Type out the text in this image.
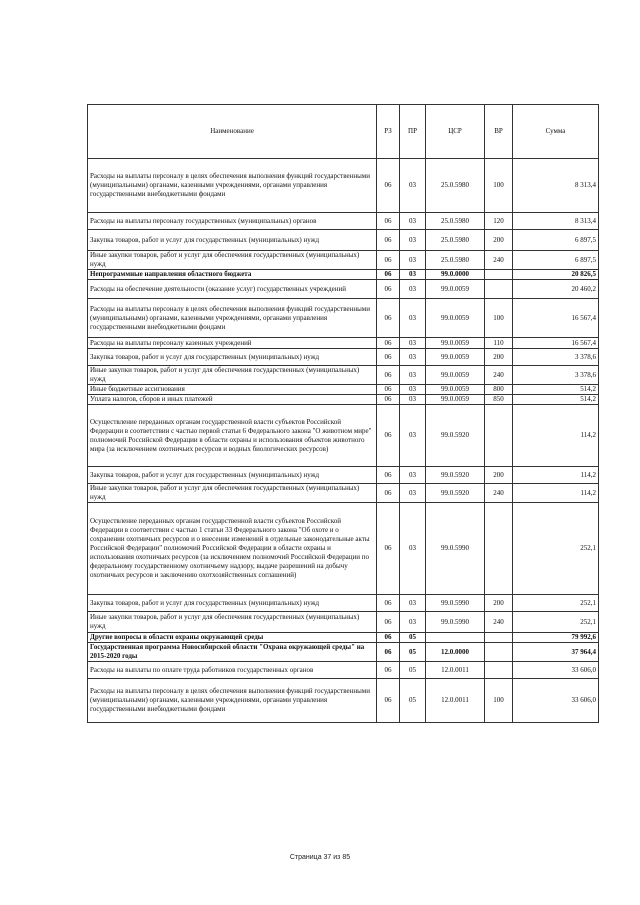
Наименование	РЗ	ПР	ЦСР	ВР	Сумма
Расходы на выплаты персоналу в целях обеспечения выполнения функций государственными (муниципальными) органами, казенными учреждениями, органами управления государственными внебюджетными фондами	06	03	25.0.5980	100	8 313,4
Расходы на выплаты персоналу государственных (муниципальных) органов	06	03	25.0.5980	120	8 313,4
Закупка товаров, работ и услуг для государственных (муниципальных) нужд	06	03	25.0.5980	200	6 897,5
Иные закупки товаров, работ и услуг для обеспечения государственных (муниципальных) нужд	06	03	25.0.5980	240	6 897,5
Непрограммные направления областного бюджета	06	03	99.0.0000		20 826,5
Расходы на обеспечение деятельности (оказание услуг) государственных учреждений	06	03	99.0.0059		20 460,2
Расходы на выплаты персоналу в целях обеспечения выполнения функций государственными (муниципальными) органами, казенными учреждениями, органами управления государственными внебюджетными фондами	06	03	99.0.0059	100	16 567,4
Расходы на выплаты персоналу казенных учреждений	06	03	99.0.0059	110	16 567,4
Закупка товаров, работ и услуг для государственных (муниципальных) нужд	06	03	99.0.0059	200	3 378,6
Иные закупки товаров, работ и услуг для обеспечения государственных (муниципальных) нужд	06	03	99.0.0059	240	3 378,6
Иные бюджетные ассигнования	06	03	99.0.0059	800	514,2
Уплата налогов, сборов и иных платежей	06	03	99.0.0059	850	514,2
Осуществление переданных органам государственной власти субъектов Российской Федерации в соответствии с частью первой статьи 6 Федерального закона "О животном мире" полномочий Российской Федерации в области охраны и использования объектов животного мира (за исключением охотничьих ресурсов и водных биологических ресурсов)	06	03	99.0.5920		114,2
Закупка товаров, работ и услуг для государственных (муниципальных) нужд	06	03	99.0.5920	200	114,2
Иные закупки товаров, работ и услуг для обеспечения государственных (муниципальных) нужд	06	03	99.0.5920	240	114,2
Осуществление переданных органам государственной власти субъектов Российской Федерации в соответствии с частью 1 статьи 33 Федерального закона "Об охоте и о сохранении охотничьих ресурсов и о внесении изменений в отдельные законодательные акты Российской Федерации" полномочий Российской Федерации в области охраны и использования охотничьих ресурсов (за исключением полномочий Российской Федерации по федеральному государственному охотничьему надзору, выдаче разрешений на добычу охотничьих ресурсов и заключению охотхозяйственных соглашений)	06	03	99.0.5990		252,1
Закупка товаров, работ и услуг для государственных (муниципальных) нужд	06	03	99.0.5990	200	252,1
Иные закупки товаров, работ и услуг для обеспечения государственных (муниципальных) нужд	06	03	99.0.5990	240	252,1
Другие вопросы в области охраны окружающей среды	06	05			79 992,6
Государственная программа Новосибирской области "Охрана окружающей среды" на 2015-2020 годы	06	05	12.0.0000		37 964,4
Расходы на выплаты по оплате труда работников государственных органов	06	05	12.0.0011		33 606,0
Расходы на выплаты персоналу в целях обеспечения выполнения функций государственными (муниципальными) органами, казенными учреждениями, органами управления государственными внебюджетными фондами	06	05	12.0.0011	100	33 606,0
Страница 37 из 85
